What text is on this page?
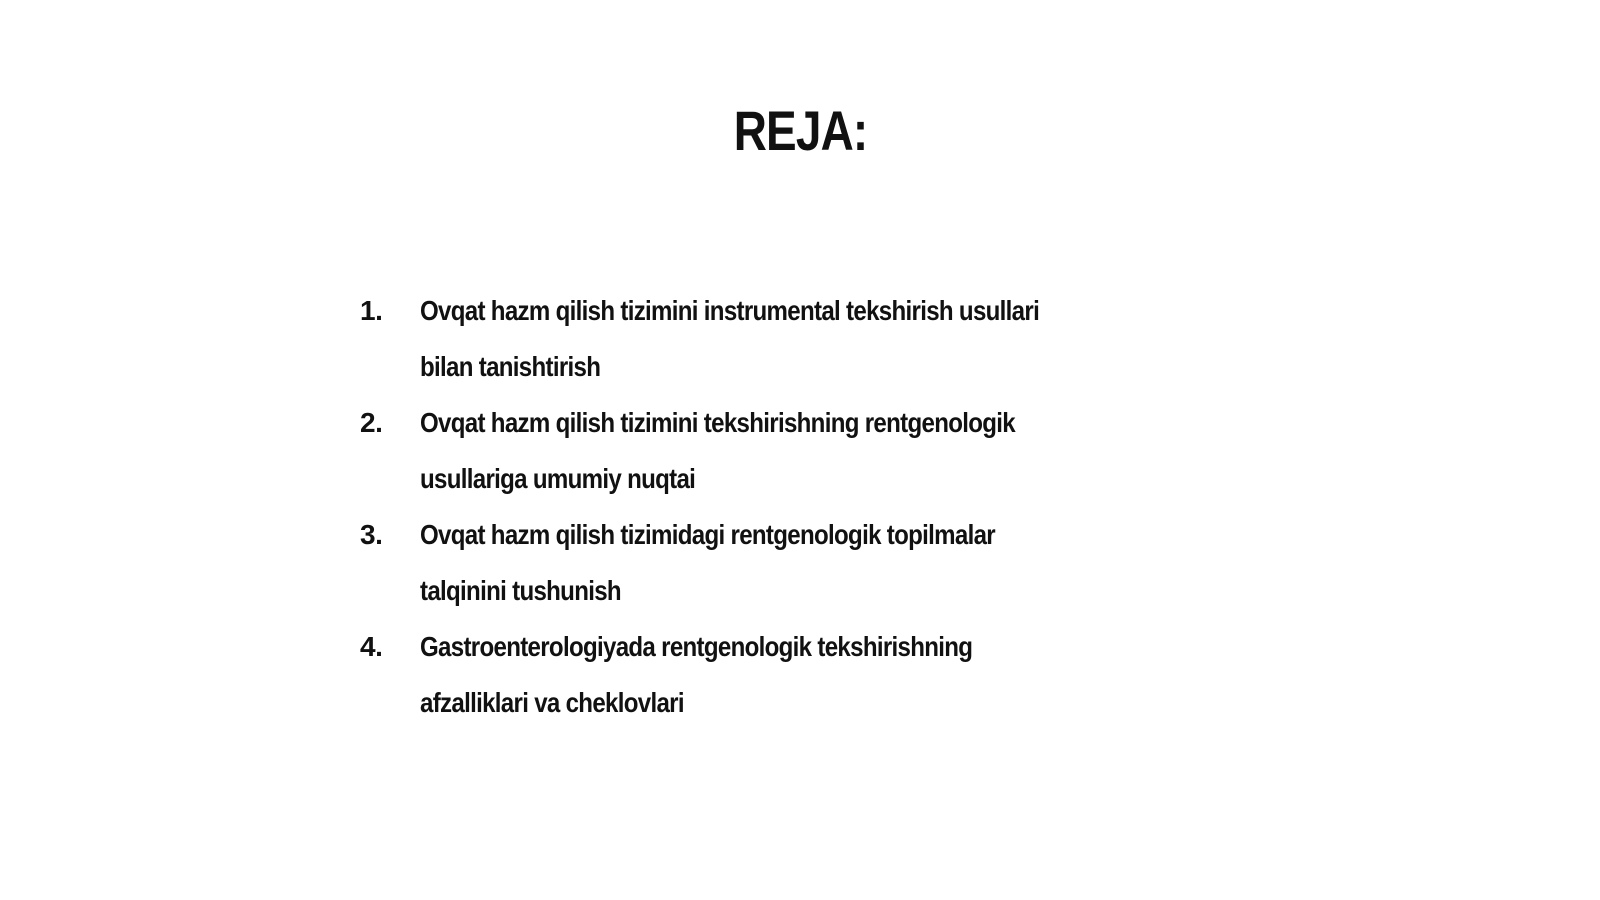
REJA:
1.	Ovqat hazm qilish tizimini instrumental tekshirish usullari
bilan tanishtirish
2.	Ovqat hazm qilish tizimini tekshirishning rentgenologik
usullariga umumiy nuqtai
3.	Ovqat hazm qilish tizimidagi rentgenologik topilmalar
talqinini tushunish
4.	Gastroenterologiyada rentgenologik tekshirishning
afzalliklari va cheklovlari
